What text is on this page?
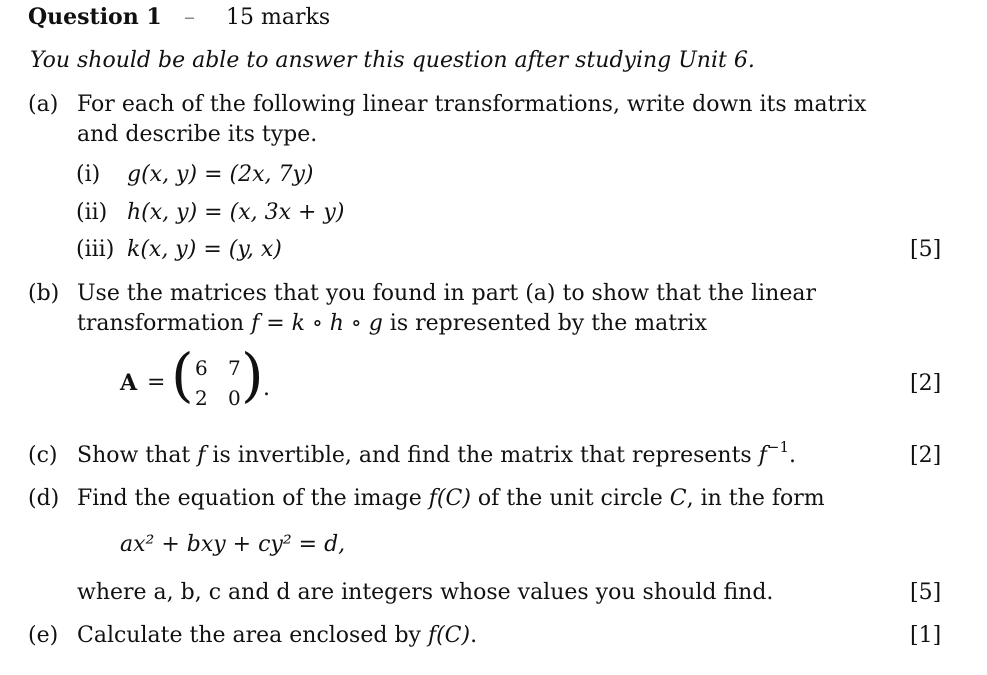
Question 1 – 15 marks
You should be able to answer this question after studying Unit 6.
(a) For each of the following linear transformations, write down its matrix
and describe its type.
(i) g(x, y) = (2x, 7y)
(ii) h(x, y) = (x, 3x + y)
(iii) k(x, y) = (y, x)	[5]
(b) Use the matrices that you found in part (a) to show that the linear
transformation f = k ∘ h ∘ g is represented by the matrix
A = ( 6 7
2 0 ) .	[2]
(c) Show that f is invertible, and find the matrix that represents $f^{-1}$.	[2]
(d) Find the equation of the image f(C) of the unit circle C, in the form
ax² + bxy + cy² = d,
where a, b, c and d are integers whose values you should find.	[5]
(e) Calculate the area enclosed by f(C).	[1]
